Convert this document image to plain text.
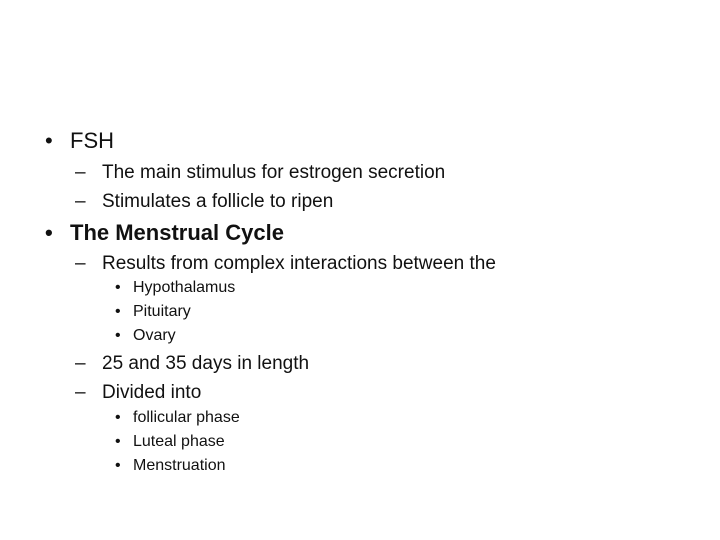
• FSH
– The main stimulus for estrogen secretion
– Stimulates a follicle to ripen
• The Menstrual Cycle
– Results from complex interactions between the
• Hypothalamus
• Pituitary
• Ovary
– 25 and 35 days in length
– Divided into
• follicular phase
• Luteal phase
• Menstruation
